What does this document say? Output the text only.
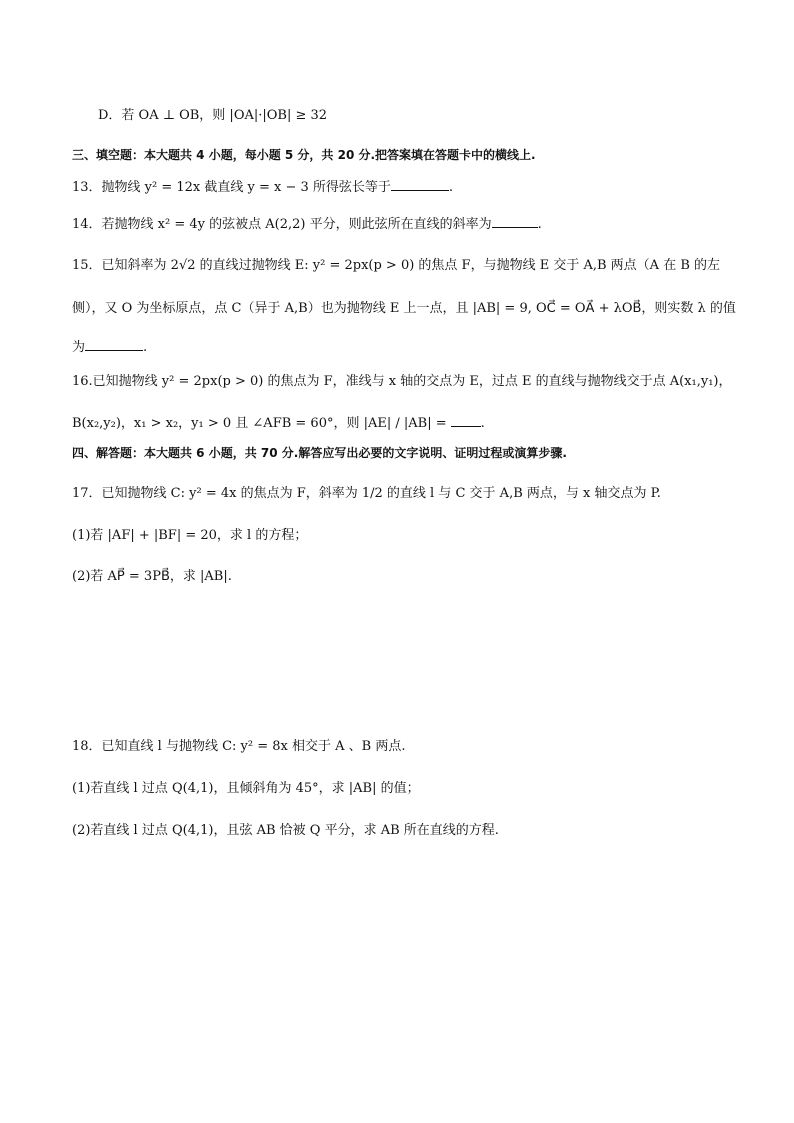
D．若 OA ⊥ OB，则 |OA|·|OB| ≥ 32
三、填空题：本大题共 4 小题，每小题 5 分，共 20 分.把答案填在答题卡中的横线上.
13．抛物线 y² = 12x 截直线 y = x − 3 所得弦长等于	.
14．若抛物线 x² = 4y 的弦被点 A(2,2) 平分，则此弦所在直线的斜率为	.
15．已知斜率为 2√2 的直线过抛物线 E: y² = 2px(p > 0) 的焦点 F，与抛物线 E 交于 A,B 两点（A 在 B 的左
侧），又 O 为坐标原点，点 C（异于 A,B）也为抛物线 E 上一点，且 |AB| = 9, OC⃗ = OA⃗ + λOB⃗，则实数 λ 的值
为	.
16.已知抛物线 y² = 2px(p > 0) 的焦点为 F，准线与 x 轴的交点为 E，过点 E 的直线与抛物线交于点 A(x₁,y₁)，
B(x₂,y₂)，x₁ > x₂，y₁ > 0 且 ∠AFB = 60°，则 |AE| / |AB| =	.
四、解答题：本大题共 6 小题，共 70 分.解答应写出必要的文字说明、证明过程或演算步骤.
17．已知抛物线 C: y² = 4x 的焦点为 F，斜率为 1/2 的直线 l 与 C 交于 A,B 两点，与 x 轴交点为 P.
(1)若 |AF| + |BF| = 20，求 l 的方程；
(2)若 AP⃗ = 3PB⃗，求 |AB|.
18．已知直线 l 与抛物线 C: y² = 8x 相交于 A 、B 两点.
(1)若直线 l 过点 Q(4,1)，且倾斜角为 45°，求 |AB| 的值；
(2)若直线 l 过点 Q(4,1)，且弦 AB 恰被 Q 平分，求 AB 所在直线的方程.
